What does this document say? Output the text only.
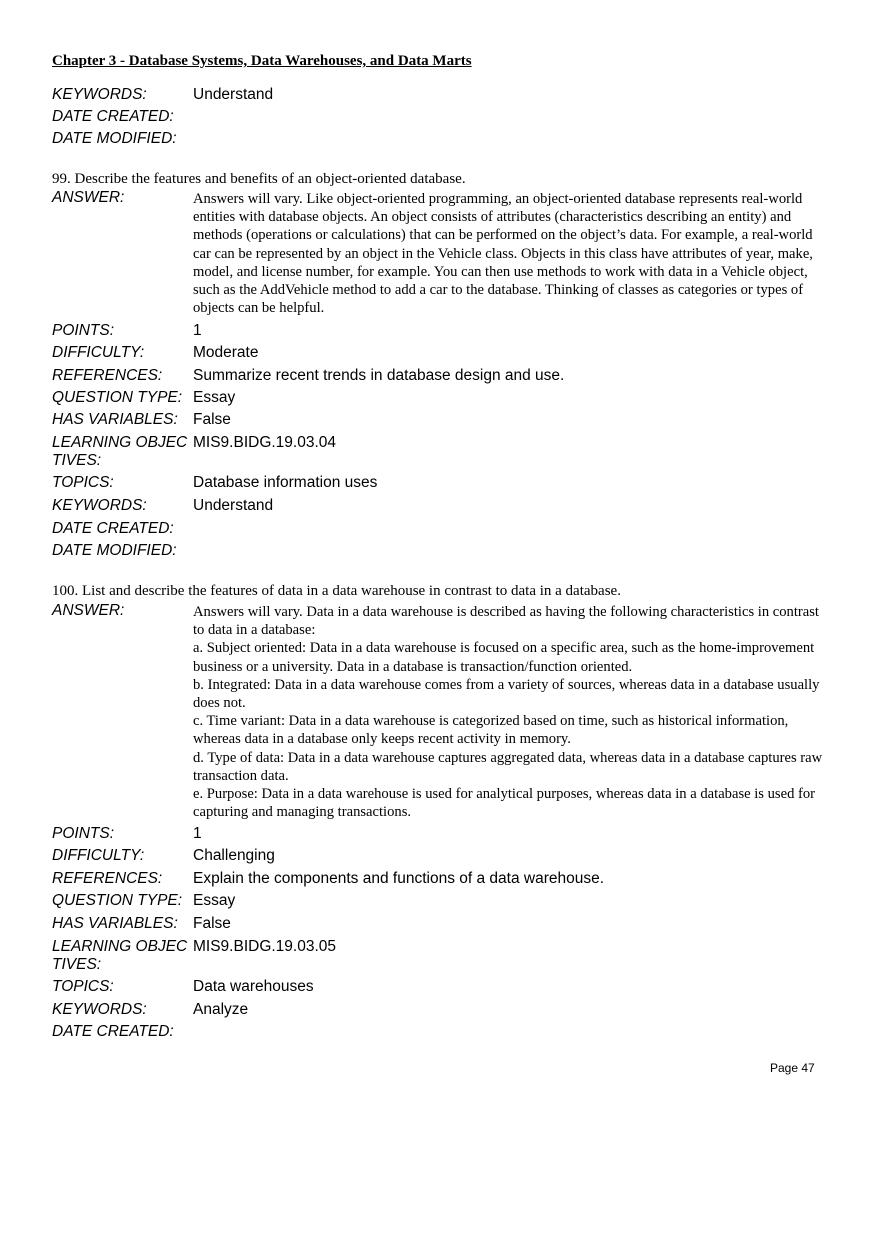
Chapter 3 - Database Systems, Data Warehouses, and Data Marts
KEYWORDS:	Understand
DATE CREATED:
DATE MODIFIED:
99. Describe the features and benefits of an object-oriented database.
ANSWER:	Answers will vary. Like object-oriented programming, an object-oriented database represents real-world entities with database objects. An object consists of attributes (characteristics describing an entity) and methods (operations or calculations) that can be performed on the object’s data. For example, a real-world car can be represented by an object in the Vehicle class. Objects in this class have attributes of year, make, model, and license number, for example. You can then use methods to work with data in a Vehicle object, such as the AddVehicle method to add a car to the database. Thinking of classes as categories or types of objects can be helpful.

POINTS:	1
DIFFICULTY:	Moderate
REFERENCES:	Summarize recent trends in database design and use.
QUESTION TYPE: Essay
HAS VARIABLES: False
LEARNING OBJECTIVES:
MIS9.BIDG.19.03.04
TOPICS:	Database information uses
KEYWORDS:	Understand
DATE CREATED:
DATE MODIFIED:
100. List and describe the features of data in a data warehouse in contrast to data in a database.
ANSWER:	Answers will vary. Data in a data warehouse is described as having the following characteristics in contrast to data in a database:

a. Subject oriented: Data in a data warehouse is focused on a specific area, such as the home-improvement business or a university. Data in a database is transaction/function oriented.

b. Integrated: Data in a data warehouse comes from a variety of sources, whereas data in a database usually does not.

c. Time variant: Data in a data warehouse is categorized based on time, such as historical information, whereas data in a database only keeps recent activity in memory.

d. Type of data: Data in a data warehouse captures aggregated data, whereas data in a database captures raw transaction data.

e. Purpose: Data in a data warehouse is used for analytical purposes, whereas data in a database is used for capturing and managing transactions.

POINTS:	1
DIFFICULTY:	Challenging
REFERENCES:	Explain the components and functions of a data warehouse.
QUESTION TYPE: Essay
HAS VARIABLES: False
LEARNING OBJECTIVES:
MIS9.BIDG.19.03.05
TOPICS:	Data warehouses
KEYWORDS:	Analyze
DATE CREATED:
Page 47
